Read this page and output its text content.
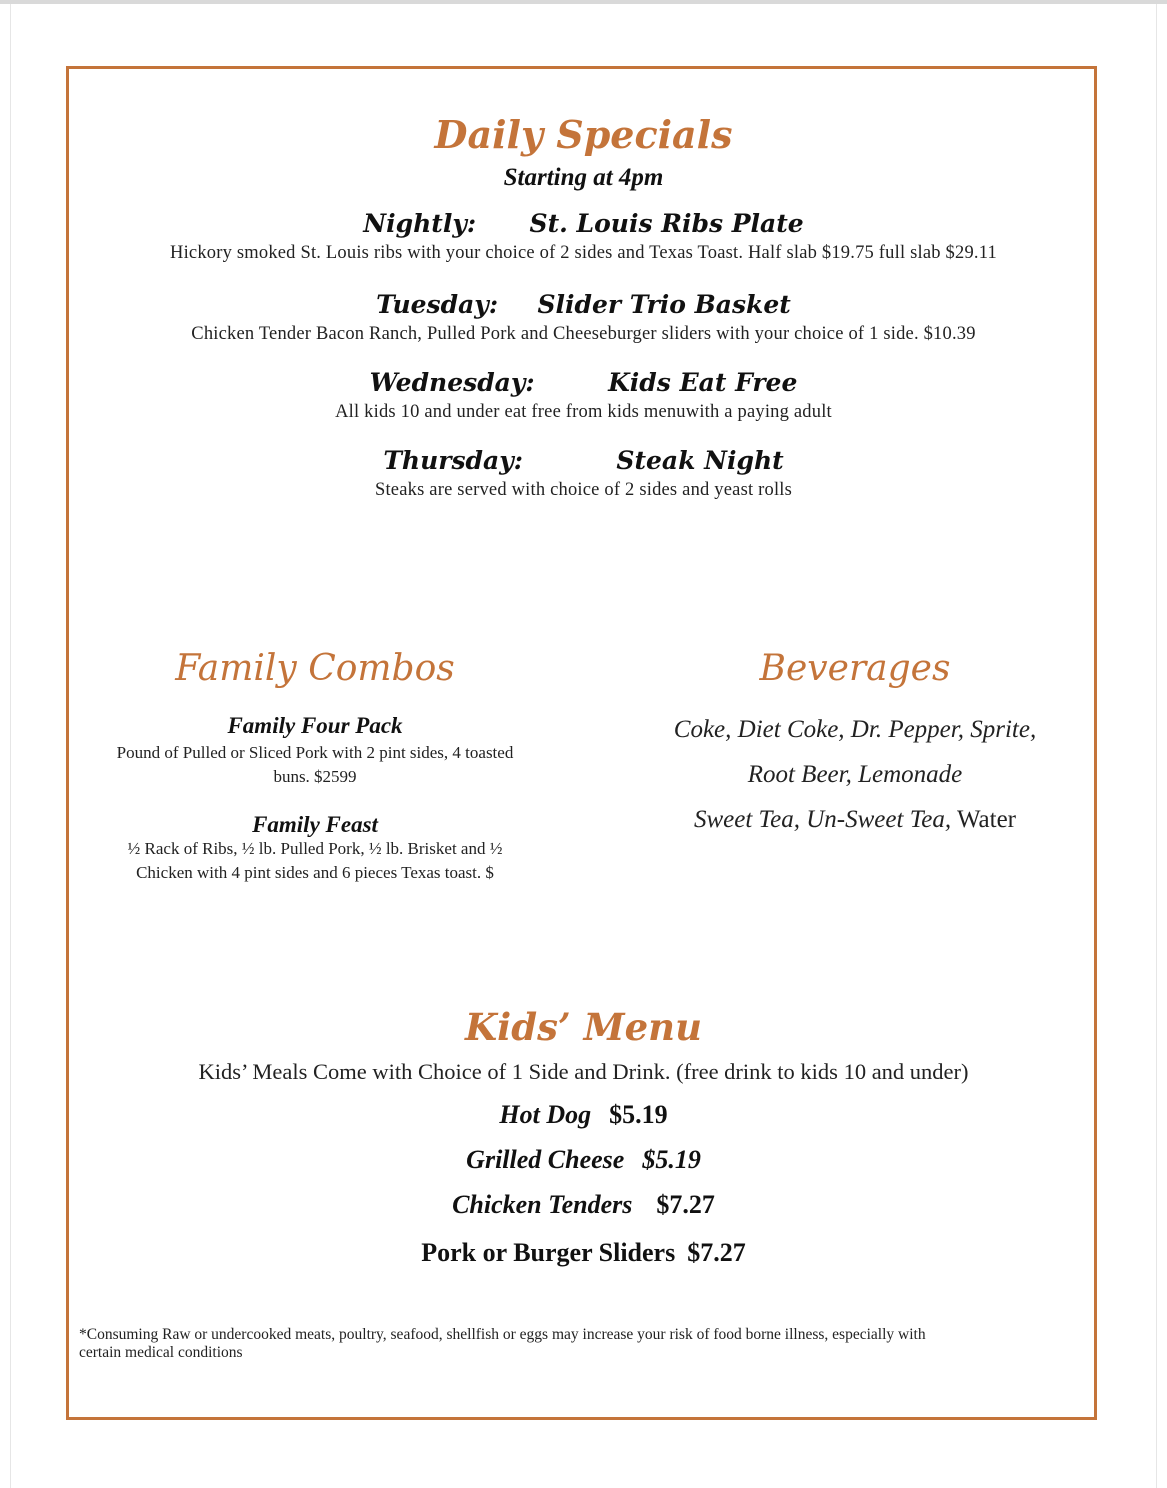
Daily Specials
Starting at 4pm
Nightly: St. Louis Ribs Plate
Hickory smoked St. Louis ribs with your choice of 2 sides and Texas Toast. Half slab $19.75 full slab $29.11
Tuesday: Slider Trio Basket
Chicken Tender Bacon Ranch, Pulled Pork and Cheeseburger sliders with your choice of 1 side. $10.39
Wednesday:	Kids Eat Free
All kids 10 and under eat free from kids menuwith a paying adult
Thursday:	Steak Night
Steaks are served with choice of 2 sides and yeast rolls
Family Combos
Family Four Pack
Pound of Pulled or Sliced Pork with 2 pint sides, 4 toasted
buns. $2599
Family Feast
½ Rack of Ribs, ½ lb. Pulled Pork, ½ lb. Brisket and ½
Chicken with 4 pint sides and 6 pieces Texas toast. $
Beverages
Coke, Diet Coke, Dr. Pepper, Sprite,
Root Beer, Lemonade
Sweet Tea, Un-Sweet Tea, Water
Kids’ Menu
Kids’ Meals Come with Choice of 1 Side and Drink. (free drink to kids 10 and under)
Hot Dog $5.19
Grilled Cheese $5.19
Chicken Tenders $7.27
Pork or Burger Sliders $7.27
*Consuming Raw or undercooked meats, poultry, seafood, shellfish or eggs may increase your risk of food borne illness, especially with
certain medical conditions
